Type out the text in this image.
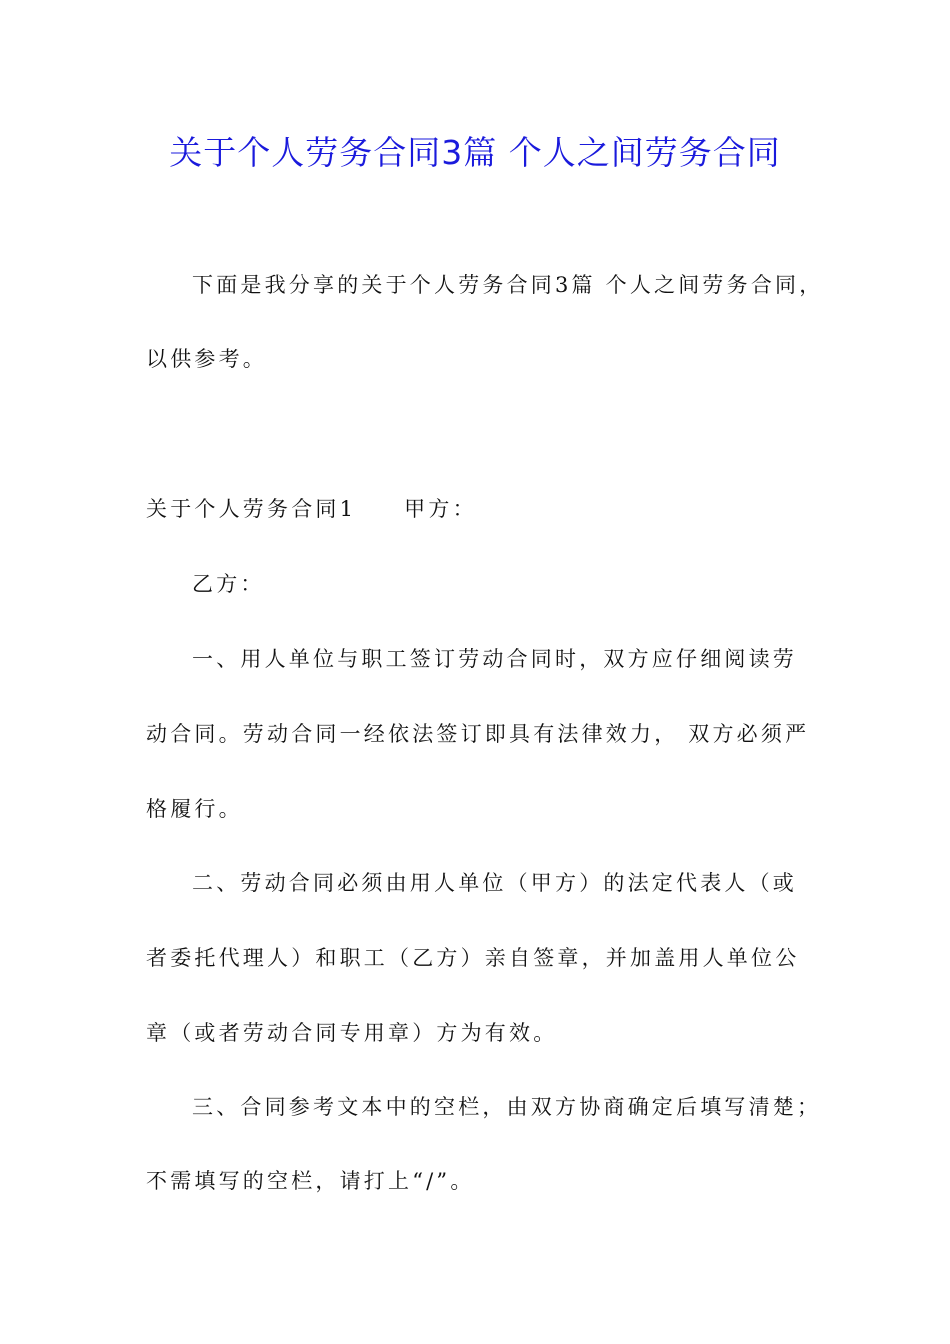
关于个人劳务合同3篇 个人之间劳务合同
下面是我分享的关于个人劳务合同3篇 个人之间劳务合同，
以供参考。
关于个人劳务合同1 甲方：
乙方：
一、用人单位与职工签订劳动合同时，双方应仔细阅读劳
动合同。劳动合同一经依法签订即具有法律效力， 双方必须严
格履行。
二、劳动合同必须由用人单位（甲方）的法定代表人（或
者委托代理人）和职工（乙方）亲自签章，并加盖用人单位公
章（或者劳动合同专用章）方为有效。
三、合同参考文本中的空栏，由双方协商确定后填写清楚；
不需填写的空栏，请打上“/”。
